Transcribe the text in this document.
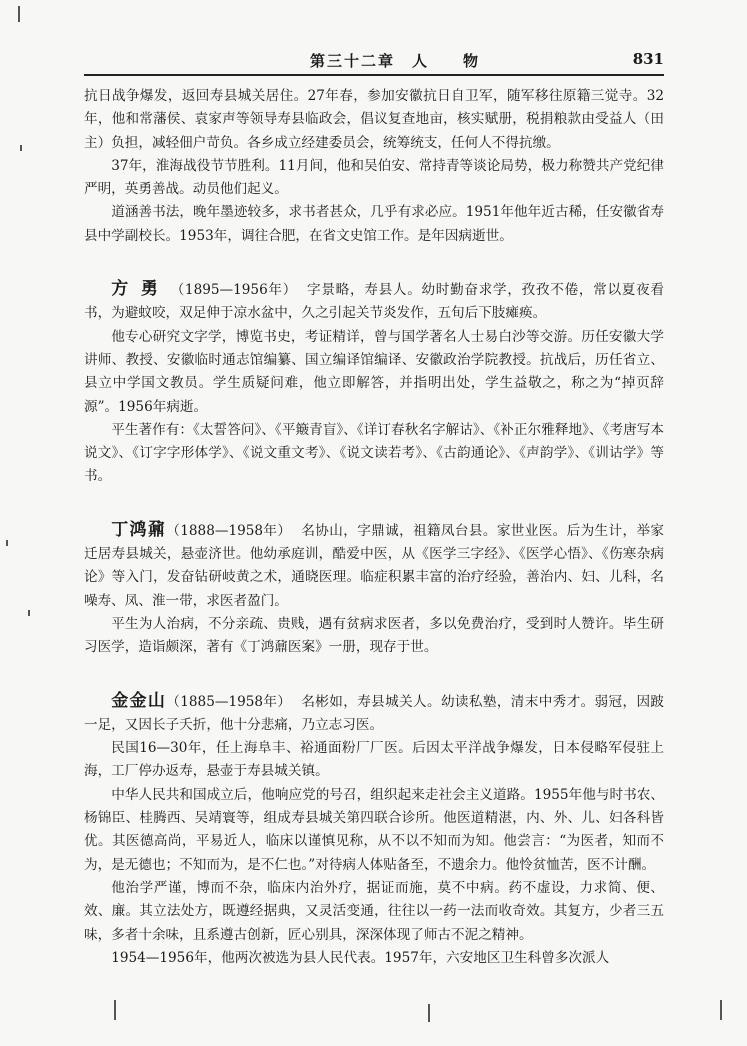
第三十二章　人　　物	831

抗日战争爆发，返回寿县城关居住。27年春，参加安徽抗日自卫军，随军移往原籍三觉寺。32年，他和常藩侯、袁家声等领导寿县临政会，倡议复查地亩，核实赋册，税捐粮款由受益人（田主）负担，减轻佃户苛负。各乡成立经建委员会，统筹统支，任何人不得抗缴。

37年，淮海战役节节胜利。11月间，他和吴伯安、常持青等谈论局势，极力称赞共产党纪律严明，英勇善战。动员他们起义。

道涵善书法，晚年墨迹较多，求书者甚众，几乎有求必应。1951年他年近古稀，任安徽省寿县中学副校长。1953年，调往合肥，在省文史馆工作。是年因病逝世。

方勇（1895—1956年） 字景略，寿县人。幼时勤奋求学，孜孜不倦，常以夏夜看书，为避蚊咬，双足伸于凉水盆中，久之引起关节炎发作，五旬后下肢瘫痪。

他专心研究文字学，博览书史，考证精详，曾与国学著名人士易白沙等交游。历任安徽大学讲师、教授、安徽临时通志馆编纂、国立编译馆编译、安徽政治学院教授。抗战后，历任省立、县立中学国文教员。学生质疑问难，他立即解答，并指明出处，学生益敬之，称之为“掉页辞源”。1956年病逝。

平生著作有：《太誓答问》、《平簸青盲》、《详订春秋名字解诂》、《补正尔雅释地》、《考唐写本说文》、《订字字形体学》、《说文重文考》、《说文读若考》、《古韵通论》、《声韵学》、《训诂学》等书。

丁鸿鼐（1888—1958年） 名协山，字鼎诚，祖籍凤台县。家世业医。后为生计，举家迁居寿县城关，悬壶济世。他幼承庭训，酷爱中医，从《医学三字经》、《医学心悟》、《伤寒杂病论》等入门，发奋钻研岐黄之术，通晓医理。临症积累丰富的治疗经验，善治内、妇、儿科，名噪寿、凤、淮一带，求医者盈门。

平生为人治病，不分亲疏、贵贱，遇有贫病求医者，多以免费治疗，受到时人赞许。毕生研习医学，造诣颇深，著有《丁鸿鼐医案》一册，现存于世。

金金山（1885—1958年） 名彬如，寿县城关人。幼读私塾，清末中秀才。弱冠，因跛一足，又因长子夭折，他十分悲痛，乃立志习医。

民国16—30年，任上海阜丰、裕通面粉厂厂医。后因太平洋战争爆发，日本侵略军侵驻上海，工厂停办返寿，悬壶于寿县城关镇。

中华人民共和国成立后，他响应党的号召，组织起来走社会主义道路。1955年他与时书农、杨锦臣、桂腾西、吴靖寰等，组成寿县城关第四联合诊所。他医道精湛，内、外、儿、妇各科皆优。其医德高尚，平易近人，临床以谨慎见称，从不以不知而为知。他尝言：“为医者，知而不为，是无德也；不知而为，是不仁也。”对待病人体贴备至，不遗余力。他怜贫恤苦，医不计酬。

他治学严谨，博而不杂，临床内治外疗，据证而施，莫不中病。药不虚设，力求简、便、效、廉。其立法处方，既遵经据典，又灵活变通，往往以一药一法而收奇效。其复方，少者三五味，多者十余味，且系遵古创新，匠心别具，深深体现了师古不泥之精神。

1954—1956年，他两次被选为县人民代表。1957年，六安地区卫生科曾多次派人
